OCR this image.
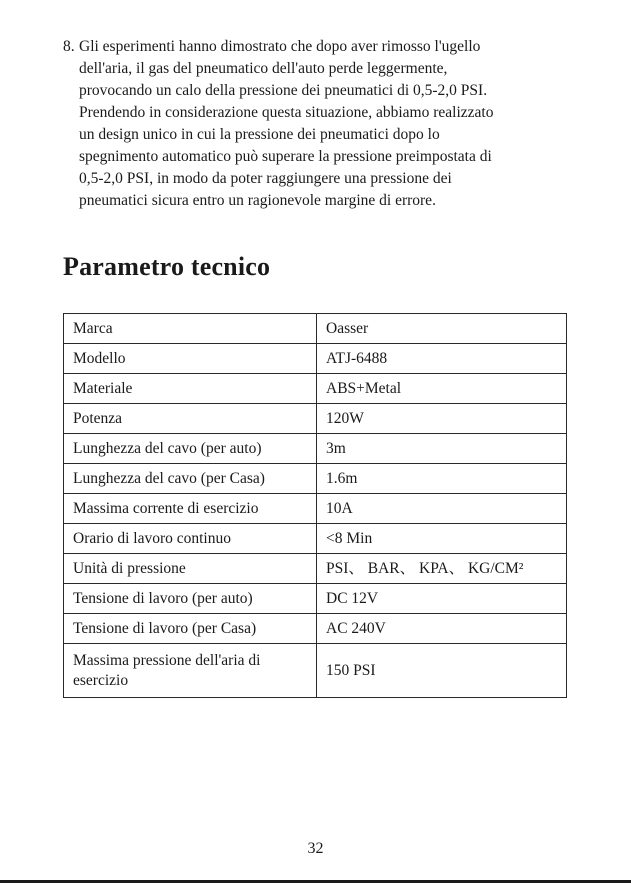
8. Gli esperimenti hanno dimostrato che dopo aver rimosso l'ugello
dell'aria, il gas del pneumatico dell'auto perde leggermente,
provocando un calo della pressione dei pneumatici di 0,5-2,0 PSI.
Prendendo in considerazione questa situazione, abbiamo realizzato
un design unico in cui la pressione dei pneumatici dopo lo
spegnimento automatico può superare la pressione preimpostata di
0,5-2,0 PSI, in modo da poter raggiungere una pressione dei
pneumatici sicura entro un ragionevole margine di errore.
Parametro tecnico
Marca	Oasser
Modello	ATJ-6488
Materiale	ABS+Metal
Potenza	120W
Lunghezza del cavo (per auto)	3m
Lunghezza del cavo (per Casa)	1.6m
Massima corrente di esercizio	10A
Orario di lavoro continuo	<8 Min
Unità di pressione	PSI、 BAR、 KPA、 KG/CM²
Tensione di lavoro (per auto)	DC 12V
Tensione di lavoro (per Casa)	AC 240V
Massima pressione dell'aria di
esercizio	150 PSI
32
